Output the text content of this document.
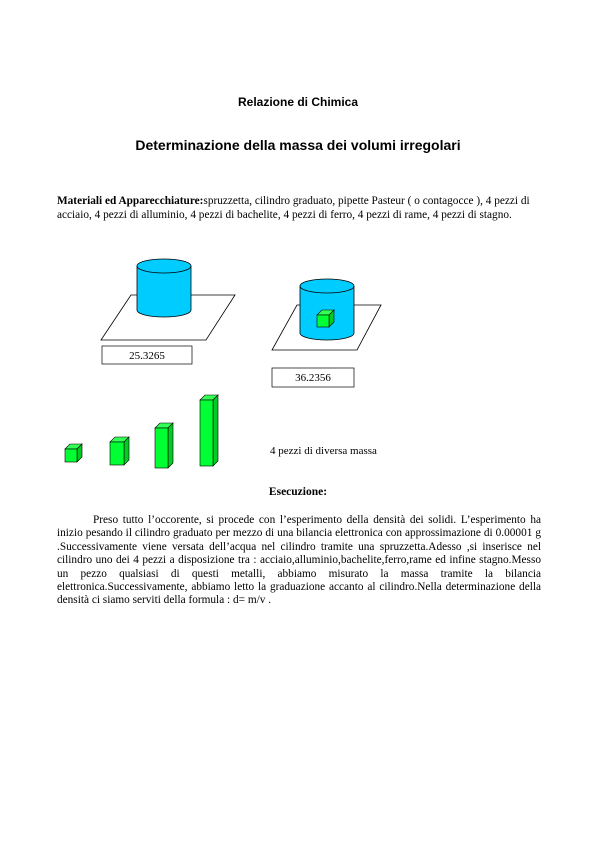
Relazione di Chimica
Determinazione della massa dei volumi irregolari
Materiali ed Apparecchiature:spruzzetta, cilindro graduato, pipette Pasteur ( o contagocce ), 4 pezzi di acciaio, 4 pezzi di alluminio, 4 pezzi di bachelite, 4 pezzi di ferro, 4 pezzi di rame, 4 pezzi di stagno.
25.3265
36.2356
4 pezzi di diversa massa
Esecuzione:
Preso tutto l’occorente, si procede con l’esperimento della densità dei solidi. L’esperimento ha inizio pesando il cilindro graduato per mezzo di una bilancia elettronica con approssimazione di 0.00001 g .Successivamente viene versata dell’acqua nel cilindro tramite una spruzzetta.Adesso ,si inserisce nel cilindro uno dei 4 pezzi a disposizione tra : acciaio,alluminio,bachelite,ferro,rame ed infine stagno.Messo un pezzo qualsiasi di questi metalli, abbiamo misurato la massa tramite la bilancia elettronica.Successivamente, abbiamo letto la graduazione accanto al cilindro.Nella determinazione della densità ci siamo serviti della formula : d= m/v .
